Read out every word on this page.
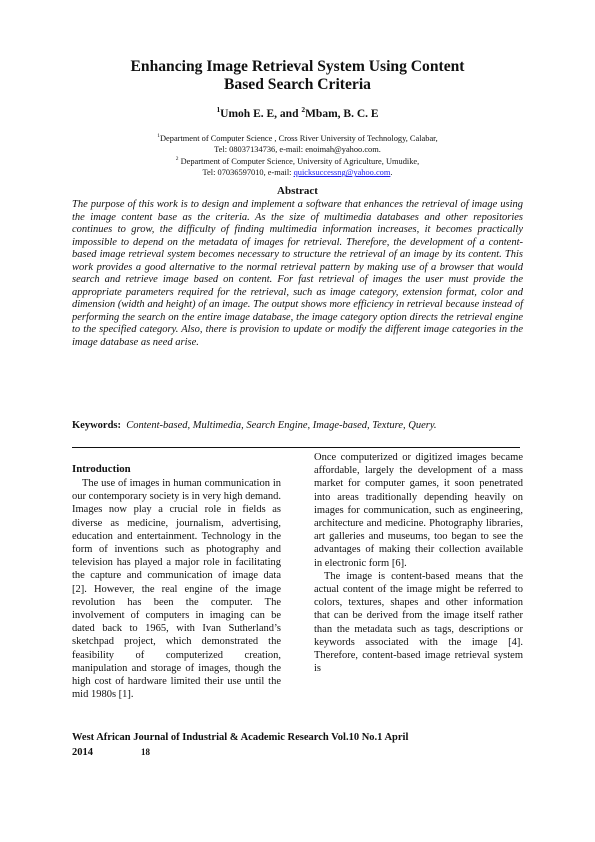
Enhancing Image Retrieval System Using Content
Based Search Criteria
$^1$Umoh E. E, and $^2$Mbam, B. C. E
$^1$Department of Computer Science , Cross River University of Technology, Calabar,
Tel: 08037134736, e-mail: enoimah@yahoo.com.
$^2$ Department of Computer Science, University of Agriculture, Umudike,
Tel: 07036597010, e-mail: quicksuccessng@yahoo.com.
Abstract

The purpose of this work is to design and implement a software that enhances the retrieval of image using the image content base as the criteria. As the size of multimedia databases and other repositories continues to grow, the difficulty of finding multimedia information increases, it becomes practically impossible to depend on the metadata of images for retrieval. Therefore, the development of a content-based image retrieval system becomes necessary to structure the retrieval of an image by its content. This work provides a good alternative to the normal retrieval pattern by making use of a browser that would search and retrieve image based on content. For fast retrieval of images the user must provide the appropriate parameters required for the retrieval, such as image category, extension format, color and dimension (width and height) of an image. The output shows more efficiency in retrieval because instead of performing the search on the entire image database, the image category option directs the retrieval engine to the specified category. Also, there is provision to update or modify the different image categories in the image database as need arise.

Keywords: Content-based, Multimedia, Search Engine, Image-based, Texture, Query.
Introduction

The use of images in human communication in our contemporary society is in very high demand. Images now play a crucial role in fields as diverse as medicine, journalism, advertising, education and entertainment. Technology in the form of inventions such as photography and television has played a major role in facilitating the capture and communication of image data [2]. However, the real engine of the image revolution has been the computer. The involvement of computers in imaging can be dated back to 1965, with Ivan Sutherland’s sketchpad project, which demonstrated the feasibility of computerized creation, manipulation and storage of images, though the high cost of hardware limited their use until the mid 1980s [1].

Once computerized or digitized images became affordable, largely the development of a mass market for computer games, it soon penetrated into areas traditionally depending heavily on images for communication, such as engineering, architecture and medicine. Photography libraries, art galleries and museums, too began to see the advantages of making their collection available in electronic form [6].

The image is content-based means that the actual content of the image might be referred to colors, textures, shapes and other information that can be derived from the image itself rather than the metadata such as tags, descriptions or keywords associated with the image [4]. Therefore, content-based image retrieval system is

West African Journal of Industrial & Academic Research Vol.10 No.1 April
2014	18
